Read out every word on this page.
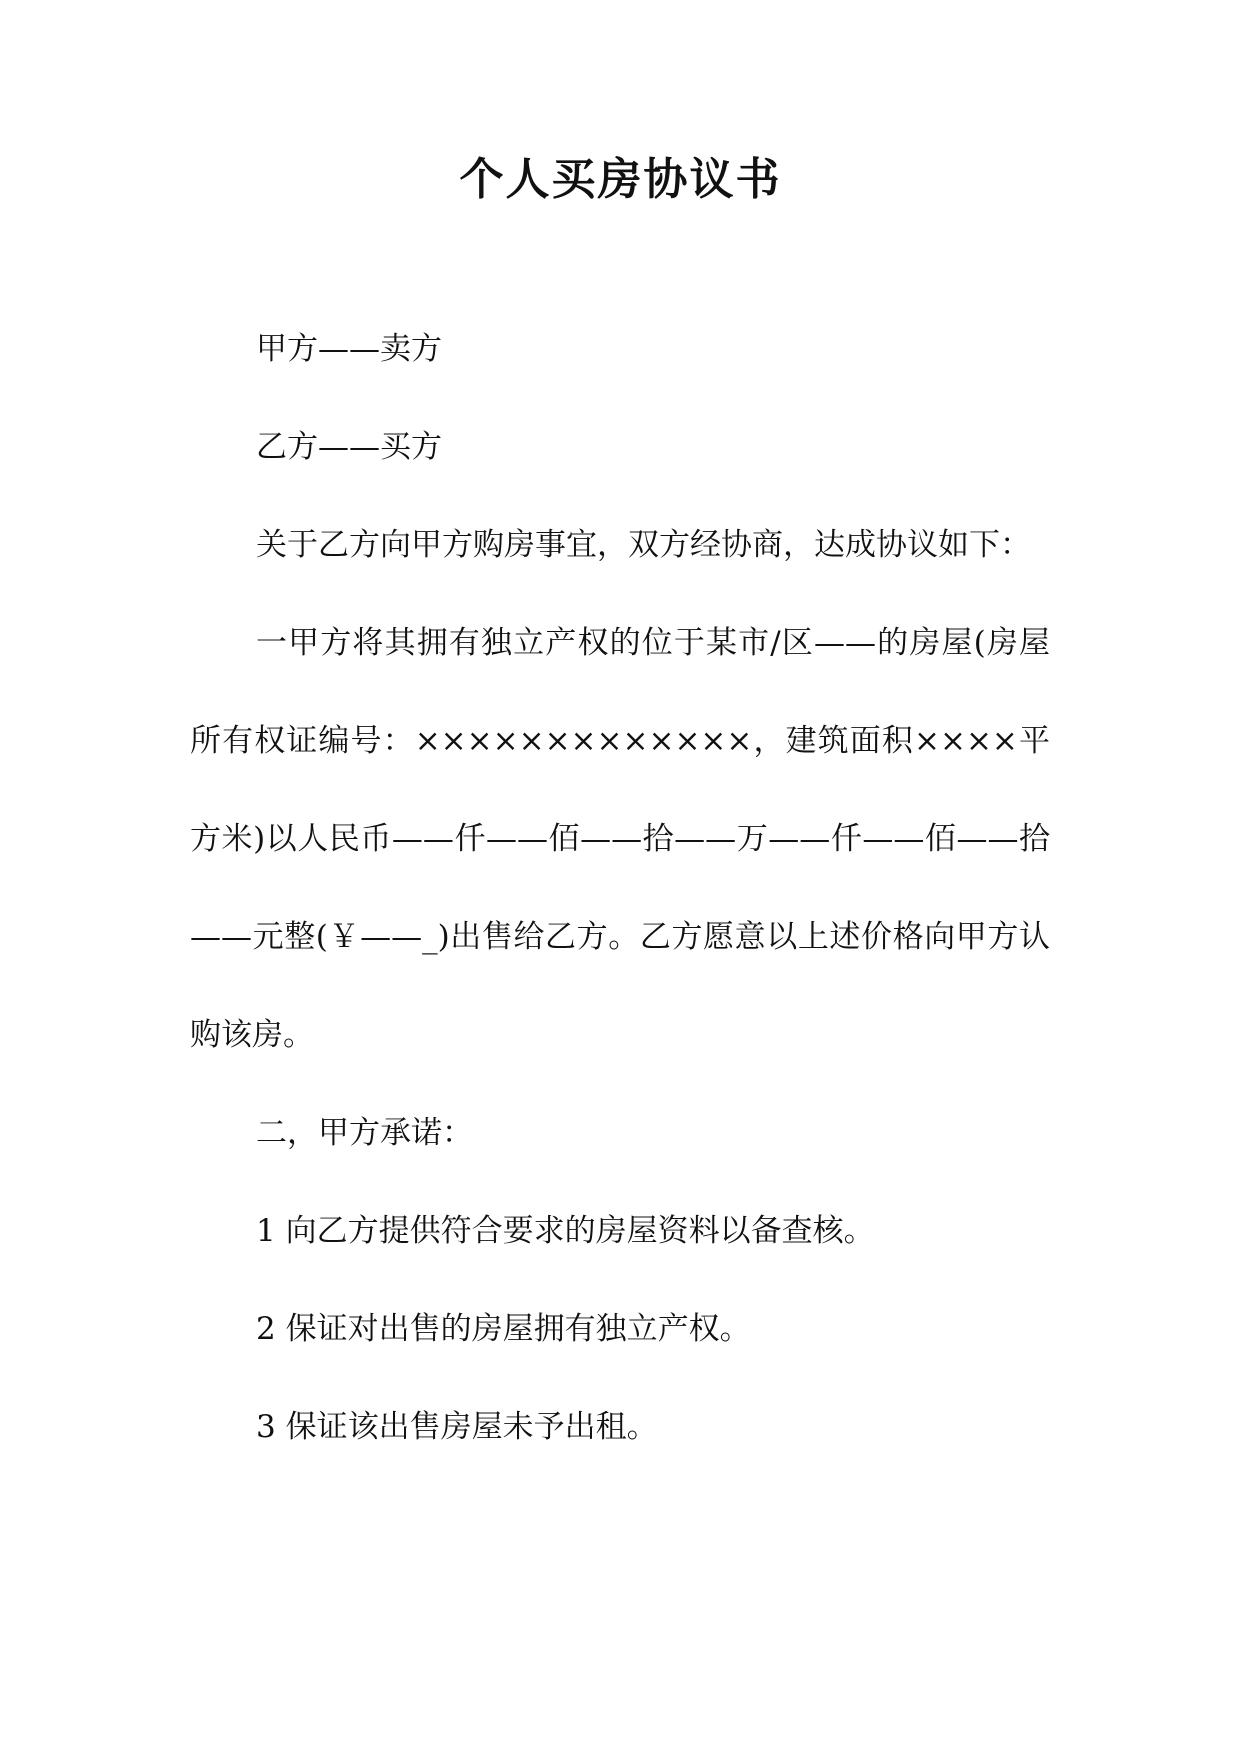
个人买房协议书

甲方——卖方

乙方——买方

关于乙方向甲方购房事宜，双方经协商，达成协议如下：

一甲方将其拥有独立产权的位于某市/区——的房屋(房屋所有权证编号：×××××××××××××，建筑面积××××平方米)以人民币——仟——佰——拾——万——仟——佰——拾——元整(￥——_)出售给乙方。乙方愿意以上述价格向甲方认购该房。

二，甲方承诺：

1 向乙方提供符合要求的房屋资料以备查核。

2 保证对出售的房屋拥有独立产权。

3 保证该出售房屋未予出租。
